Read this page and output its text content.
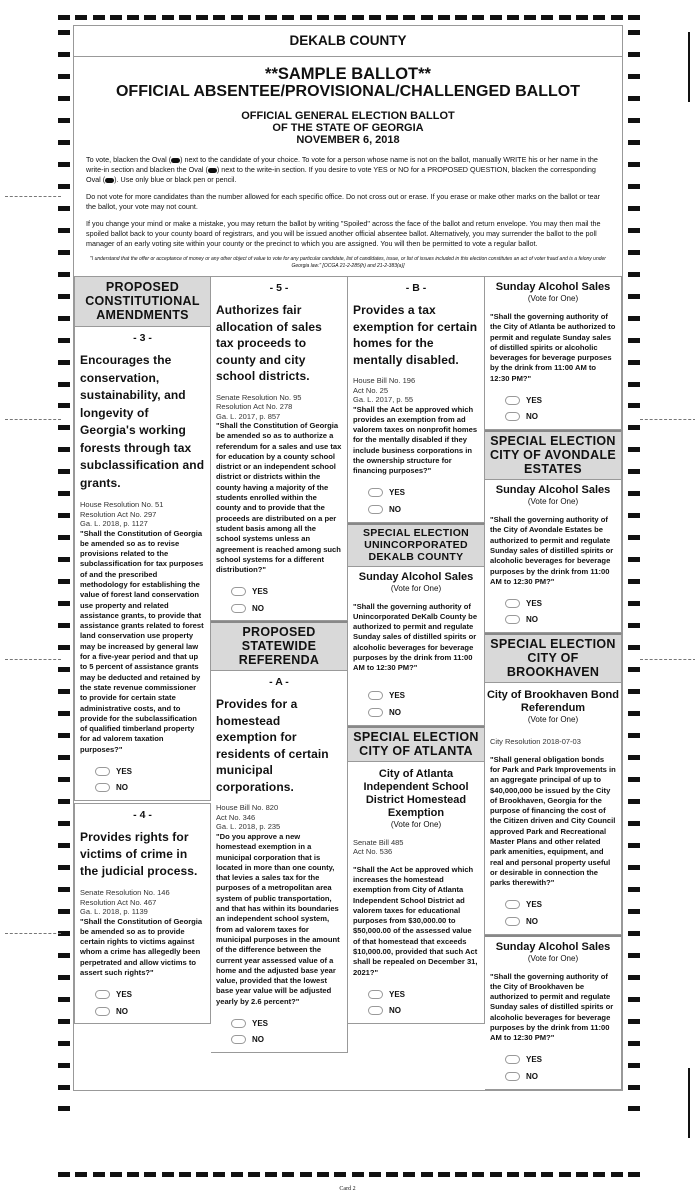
DEKALB COUNTY
**SAMPLE BALLOT**
OFFICIAL ABSENTEE/PROVISIONAL/CHALLENGED BALLOT
OFFICIAL GENERAL ELECTION BALLOT
OF THE STATE OF GEORGIA
NOVEMBER 6, 2018

To vote, blacken the Oval ( ) next to the candidate of your choice. To vote for a person whose name is not on the ballot, manually WRITE his or her name in the write-in section and blacken the Oval ( ) next to the write-in section. If you desire to vote YES or NO for a PROPOSED QUESTION, blacken the corresponding Oval ( ). Use only blue or black pen or pencil.

Do not vote for more candidates than the number allowed for each specific office. Do not cross out or erase. If you erase or make other marks on the ballot or tear the ballot, your vote may not count.

If you change your mind or make a mistake, you may return the ballot by writing "Spoiled" across the face of the ballot and return envelope. You may then mail the spoiled ballot back to your county board of registrars, and you will be issued another official absentee ballot. Alternatively, you may surrender the ballot to the poll manager of an early voting site within your county or the precinct to which you are assigned. You will then be permitted to vote a regular ballot.

"I understand that the offer or acceptance of money or any other object of value to vote for any particular candidate, list of candidates, issue, or list of issues included in this election constitutes an act of voter fraud and is a felony under Georgia law." [OCGA 21-2-285(h) and 21-2-383(a)]
PROPOSED CONSTITUTIONAL AMENDMENTS
- 3 -
Encourages the conservation, sustainability, and longevity of Georgia's working forests through tax subclassification and grants.
House Resolution No. 51
Resolution Act No. 297
Ga. L. 2018, p. 1127
"Shall the Constitution of Georgia be amended so as to revise provisions related to the subclassification for tax purposes of and the prescribed methodology for establishing the value of forest land conservation use property and related assistance grants, to provide that assistance grants related to forest land conservation use property may be increased by general law for a five-year period and that up to 5 percent of assistance grants may be deducted and retained by the state revenue commissioner to provide for certain state administrative costs, and to provide for the subclassification of qualified timberland property for ad valorem taxation purposes?"
YES
NO
- 4 -
Provides rights for victims of crime in the judicial process.
Senate Resolution No. 146
Resolution Act No. 467
Ga. L. 2018, p. 1139
"Shall the Constitution of Georgia be amended so as to provide certain rights to victims against whom a crime has allegedly been perpetrated and allow victims to assert such rights?"
YES
NO
- 5 -
Authorizes fair allocation of sales tax proceeds to county and city school districts.
Senate Resolution No. 95
Resolution Act No. 278
Ga. L. 2017, p. 857
"Shall the Constitution of Georgia be amended so as to authorize a referendum for a sales and use tax for education by a county school district or an independent school district or districts within the county having a majority of the students enrolled within the county and to provide that the proceeds are distributed on a per student basis among all the school systems unless an agreement is reached among such school systems for a different distribution?"
YES
NO
PROPOSED STATEWIDE REFERENDA
- A -
Provides for a homestead exemption for residents of certain municipal corporations.
House Bill No. 820
Act No. 346
Ga. L. 2018, p. 235
"Do you approve a new homestead exemption in a municipal corporation that is located in more than one county, that levies a sales tax for the purposes of a metropolitan area system of public transportation, and that has within its boundaries an independent school system, from ad valorem taxes for municipal purposes in the amount of the difference between the current year assessed value of a home and the adjusted base year value, provided that the lowest base year value will be adjusted yearly by 2.6 percent?"
YES
NO
- B -
Provides a tax exemption for certain homes for the mentally disabled.
House Bill No. 196
Act No. 25
Ga. L. 2017, p. 55
"Shall the Act be approved which provides an exemption from ad valorem taxes on nonprofit homes for the mentally disabled if they include business corporations in the ownership structure for financing purposes?"
YES
NO
SPECIAL ELECTION UNINCORPORATED DEKALB COUNTY
Sunday Alcohol Sales
(Vote for One)
"Shall the governing authority of Unincorporated DeKalb County be authorized to permit and regulate Sunday sales of distilled spirits or alcoholic beverages for beverage purposes by the drink from 11:00 AM to 12:30 PM?"
YES
NO
SPECIAL ELECTION CITY OF ATLANTA
City of Atlanta Independent School District Homestead Exemption
(Vote for One)
Senate Bill 485
Act No. 536
"Shall the Act be approved which increases the homestead exemption from City of Atlanta Independent School District ad valorem taxes for educational purposes from $30,000.00 to $50,000.00 of the assessed value of that homestead that exceeds $10,000.00, provided that such Act shall be repealed on December 31, 2021?"
YES
NO
Sunday Alcohol Sales
(Vote for One)
"Shall the governing authority of the City of Atlanta be authorized to permit and regulate Sunday sales of distilled spirits or alcoholic beverages for beverage purposes by the drink from 11:00 AM to 12:30 PM?"
YES
NO
SPECIAL ELECTION CITY OF AVONDALE ESTATES
Sunday Alcohol Sales
(Vote for One)
"Shall the governing authority of the City of Avondale Estates be authorized to permit and regulate Sunday sales of distilled spirits or alcoholic beverages for beverage purposes by the drink from 11:00 AM to 12:30 PM?"
YES
NO
SPECIAL ELECTION CITY OF BROOKHAVEN
City of Brookhaven Bond Referendum
(Vote for One)
City Resolution 2018-07-03
"Shall general obligation bonds for Park and Park Improvements in an aggregate principal of up to $40,000,000 be issued by the City of Brookhaven, Georgia for the purpose of financing the cost of the Citizen driven and City Council approved Park and Recreational Master Plans and other related park amenities, equipment, and real and personal property useful or desirable in connection the parks therewith?"
YES
NO
Sunday Alcohol Sales
(Vote for One)
"Shall the governing authority of the City of Brookhaven be authorized to permit and regulate Sunday sales of distilled spirits or alcoholic beverages for beverage purposes by the drink from 11:00 AM to 12:30 PM?"
YES
NO
Card 2
